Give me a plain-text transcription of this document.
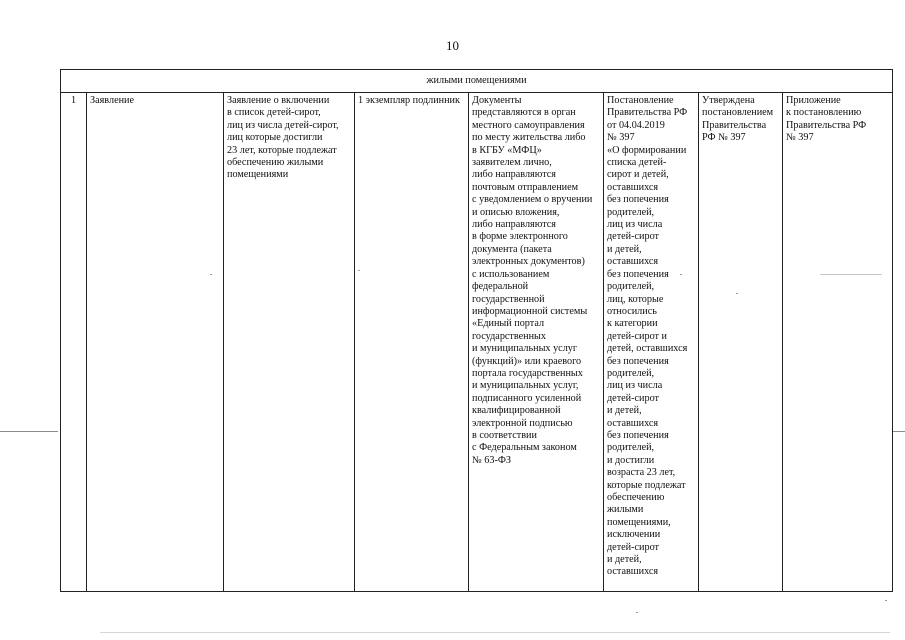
10
жилыми помещениями
1	Заявление	Заявление о включении
в список детей-сирот,
лиц из числа детей-сирот,
лиц которые достигли
23 лет, которые подлежат
обеспечению жилыми
помещениями	1 экземпляр подлинник	Документы
представляются в орган
местного самоуправления
по месту жительства либо
в КГБУ «МФЦ»
заявителем лично,
либо направляются
почтовым отправлением
с уведомлением о вручении
и описью вложения,
либо направляются
в форме электронного
документа (пакета
электронных документов)
с использованием
федеральной
государственной
информационной системы
«Единый портал
государственных
и муниципальных услуг
(функций)» или краевого
портала государственных
и муниципальных услуг,
подписанного усиленной
квалифицированной
электронной подписью
в соответствии
с Федеральным законом
№ 63-ФЗ	Постановление
Правительства РФ
от 04.04.2019
№ 397
«О формировании
списка детей-
сирот и детей,
оставшихся
без попечения
родителей,
лиц из числа
детей-сирот
и детей,
оставшихся
без попечения
родителей,
лиц, которые
относились
к категории
детей-сирот и
детей, оставшихся
без попечения
родителей,
лиц из числа
детей-сирот
и детей,
оставшихся
без попечения
родителей,
и достигли
возраста 23 лет,
которые подлежат
обеспечению
жилыми
помещениями,
исключении
детей-сирот
и детей,
оставшихся	Утверждена
постановлением
Правительства
РФ № 397	Приложение
к постановлению
Правительства РФ
№ 397
